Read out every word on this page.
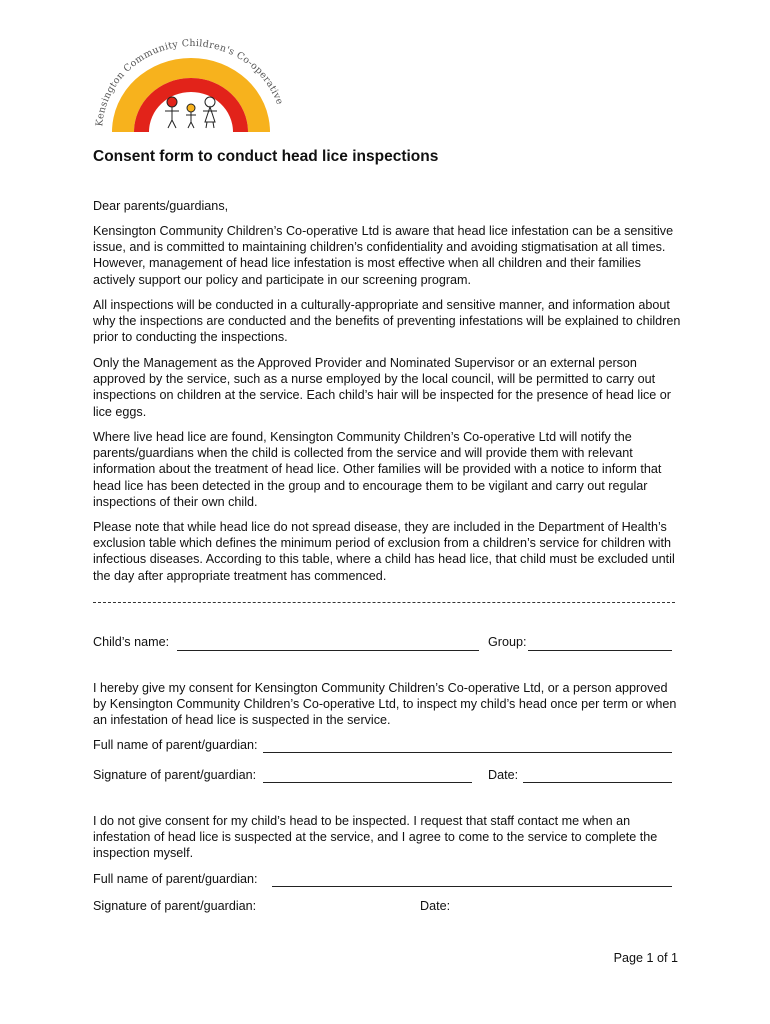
Kensington Community Children's Co-operative
Consent form to conduct head lice inspections

Dear parents/guardians,

Kensington Community Children’s Co-operative Ltd is aware that head lice infestation can be a sensitive issue, and is committed to maintaining children’s confidentiality and avoiding stigmatisation at all times. However, management of head lice infestation is most effective when all children and their families actively support our policy and participate in our screening program.

All inspections will be conducted in a culturally-appropriate and sensitive manner, and information about why the inspections are conducted and the benefits of preventing infestations will be explained to children prior to conducting the inspections.

Only the Management as the Approved Provider and Nominated Supervisor or an external person approved by the service, such as a nurse employed by the local council, will be permitted to carry out inspections on children at the service. Each child’s hair will be inspected for the presence of head lice or lice eggs.

Where live head lice are found, Kensington Community Children’s Co-operative Ltd will notify the parents/guardians when the child is collected from the service and will provide them with relevant information about the treatment of head lice. Other families will be provided with a notice to inform that head lice has been detected in the group and to encourage them to be vigilant and carry out regular inspections of their own child.

Please note that while head lice do not spread disease, they are included in the Department of Health’s exclusion table which defines the minimum period of exclusion from a children’s service for children with infectious diseases. According to this table, where a child has head lice, that child must be excluded until the day after appropriate treatment has commenced.

Child’s name:	Group:

I hereby give my consent for Kensington Community Children’s Co-operative Ltd, or a person approved by Kensington Community Children’s Co-operative Ltd, to inspect my child’s head once per term or when an infestation of head lice is suspected in the service.

Full name of parent/guardian:
Signature of parent/guardian:	Date:

I do not give consent for my child’s head to be inspected. I request that staff contact me when an infestation of head lice is suspected at the service, and I agree to come to the service to complete the inspection myself.

Full name of parent/guardian:
Signature of parent/guardian:	Date:
Page 1 of 1
